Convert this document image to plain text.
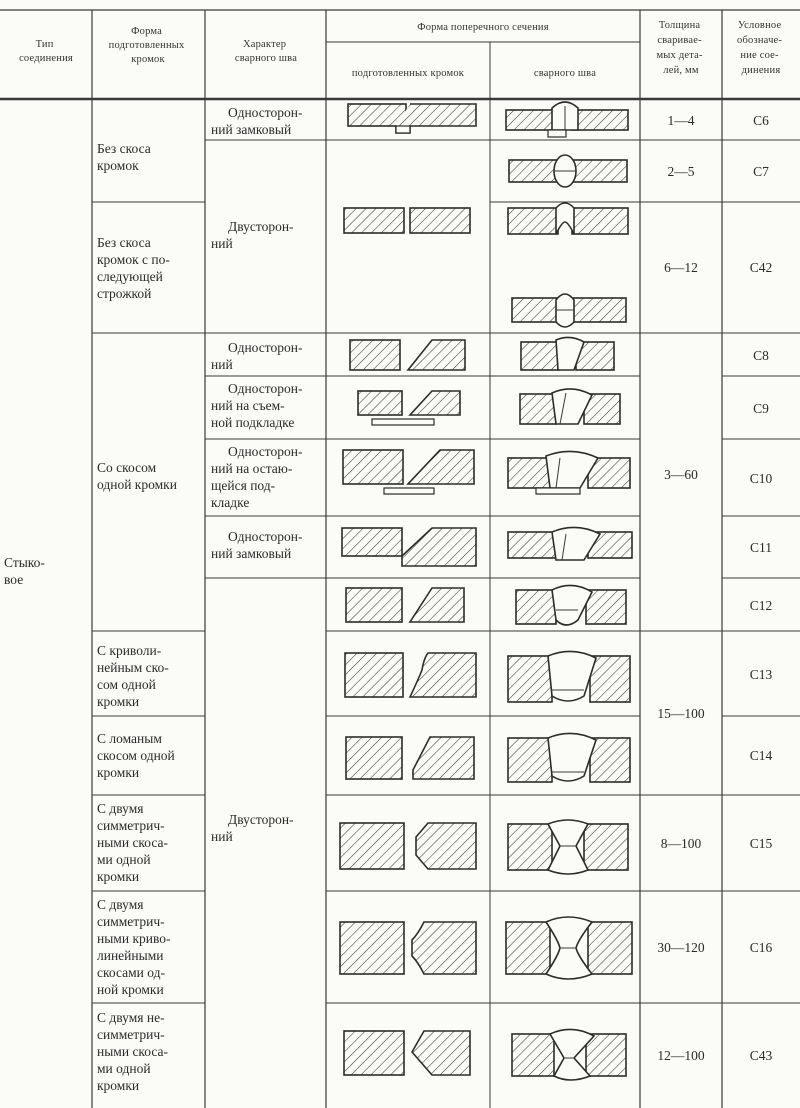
Тип соединения
Форма подготовленных кромок
Характер сварного шва
Форма поперечного сечения
подготовленных кромок	сварного шва
Толщина сваривае- мых дета- лей, мм
Условное обозначе- ние сое- динения
Стыко- вое
Без скоса кромок
Без скоса кромок с по- следующей строжкой
Со скосом одной кромки
С криволи- нейным ско- сом одной кромки
С ломаным скосом одной кромки
С двумя симметрич- ными скоса- ми одной кромки
С двумя симметрич- ными криво- линейными скосами од- ной кромки
С двумя не- симметрич- ными скоса- ми одной кромки
Односторон- ний замковый
Двусторон- ний
Односторон- ний
Односторон- ний на съем- ной подкладке
Односторон- ний на остаю- щейся под- кладке
Односторон- ний замковый
Двусторон- ний
1—4
2—5
6—12
3—60
15—100
8—100
30—120
12—100
С6
С7
С42
С8
С9
С10
С11
С12
С13
С14
С15
С16
С43
